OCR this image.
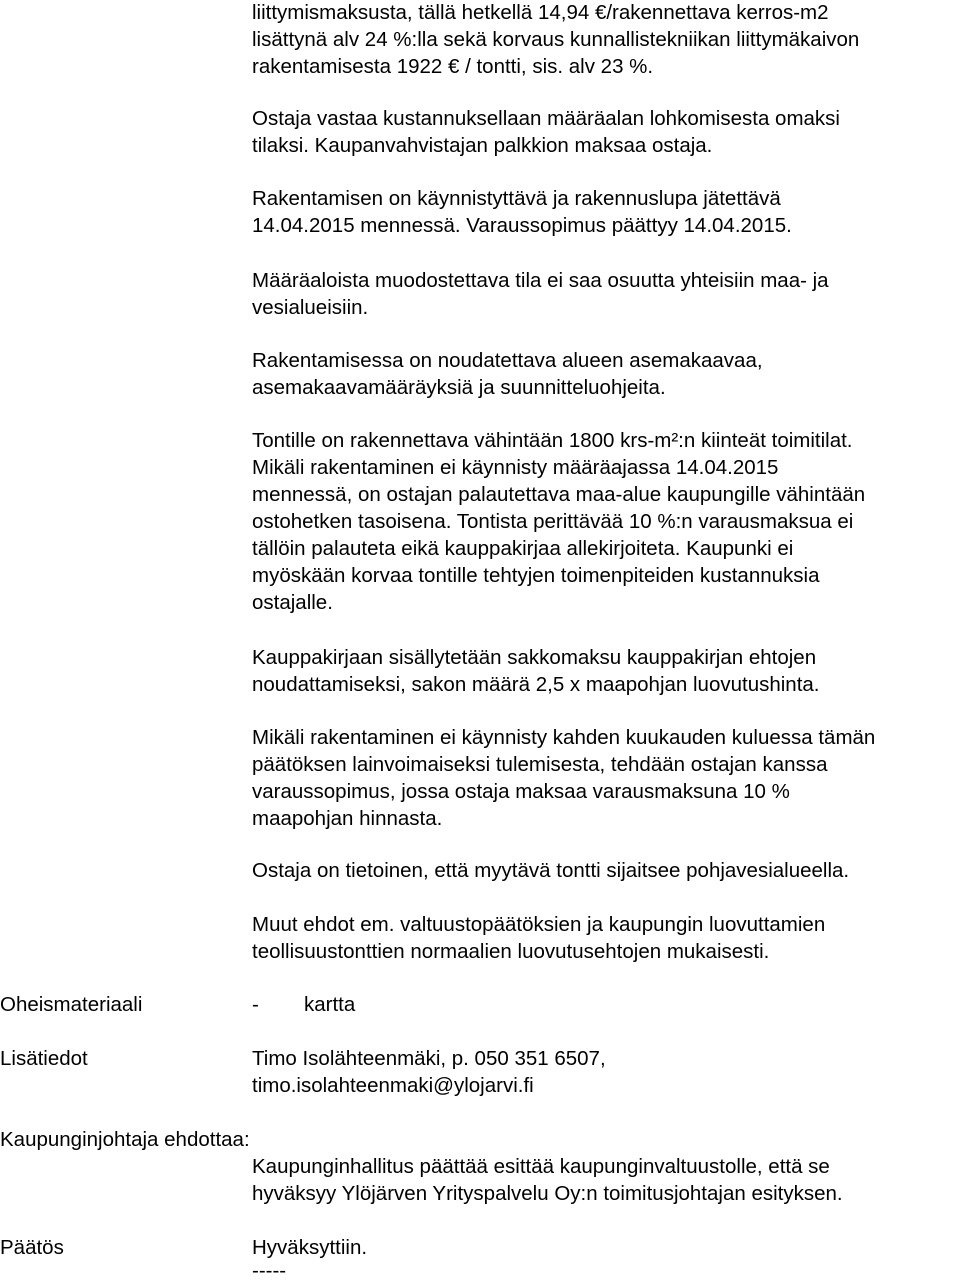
liittymismaksusta, tällä hetkellä 14,94 €/rakennettava kerros-m2

lisättynä alv 24 %:lla sekä korvaus kunnallistekniikan liittymäkaivon

rakentamisesta 1922 € / tontti, sis. alv 23 %.

Ostaja vastaa kustannuksellaan määräalan lohkomisesta omaksi

tilaksi. Kaupanvahvistajan palkkion maksaa ostaja.

Rakentamisen on käynnistyttävä ja rakennuslupa jätettävä

14.04.2015 mennessä. Varaussopimus päättyy 14.04.2015.

Määräaloista muodostettava tila ei saa osuutta yhteisiin maa- ja

vesialueisiin.

Rakentamisessa on noudatettava alueen asemakaavaa,

asemakaavamääräyksiä ja suunnitteluohjeita.

Tontille on rakennettava vähintään 1800 krs-m²:n kiinteät toimitilat.

Mikäli rakentaminen ei käynnisty määräajassa 14.04.2015

mennessä, on ostajan palautettava maa-alue kaupungille vähintään

ostohetken tasoisena. Tontista perittävää 10 %:n varausmaksua ei

tällöin palauteta eikä kauppakirjaa allekirjoiteta. Kaupunki ei

myöskään korvaa tontille tehtyjen toimenpiteiden kustannuksia

ostajalle.

Kauppakirjaan sisällytetään sakkomaksu kauppakirjan ehtojen

noudattamiseksi, sakon määrä 2,5 x maapohjan luovutushinta.

Mikäli rakentaminen ei käynnisty kahden kuukauden kuluessa tämän

päätöksen lainvoimaiseksi tulemisesta, tehdään ostajan kanssa

varaussopimus, jossa ostaja maksaa varausmaksuna 10 %

maapohjan hinnasta.

Ostaja on tietoinen, että myytävä tontti sijaitsee pohjavesialueella.

Muut ehdot em. valtuustopäätöksien ja kaupungin luovuttamien

teollisuustonttien normaalien luovutusehtojen mukaisesti.

Oheismateriaali	- kartta

Lisätiedot	Timo Isolähteenmäki, p. 050 351 6507,

timo.isolahteenmaki@ylojarvi.fi

Kaupunginjohtaja ehdottaa:

Kaupunginhallitus päättää esittää kaupunginvaltuustolle, että se

hyväksyy Ylöjärven Yrityspalvelu Oy:n toimitusjohtajan esityksen.

Päätös	Hyväksyttiin.

-----
